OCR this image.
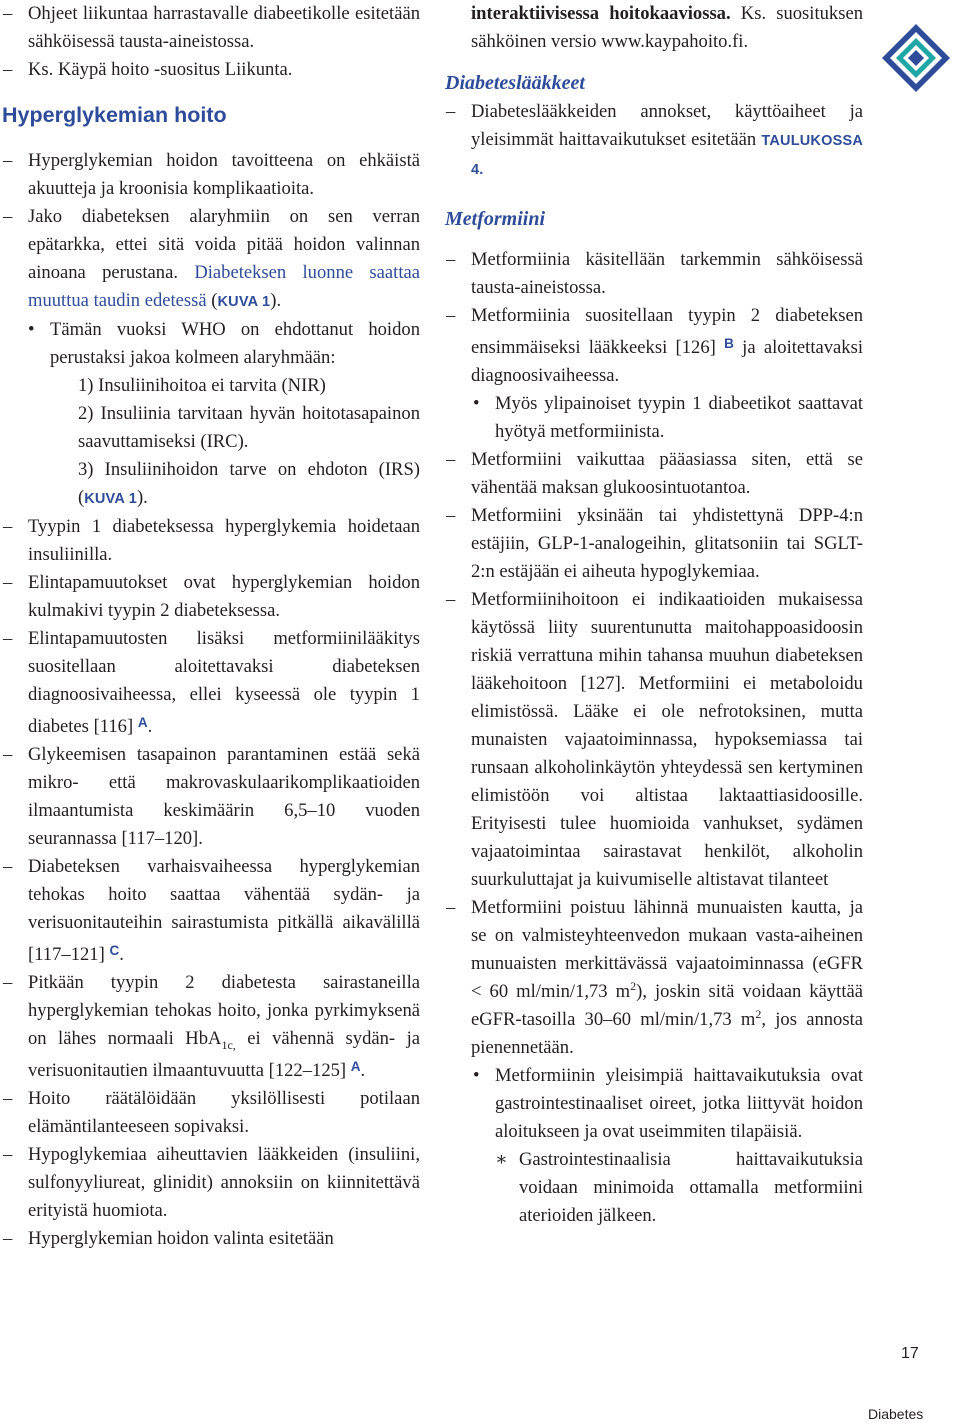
– Ohjeet liikuntaa harrastavalle diabeetikolle esitetään sähköisessä tausta-aineistossa.

– Ks. Käypä hoito -suositus Liikunta.

Hyperglykemian hoito

– Hyperglykemian hoidon tavoitteena on ehkäistä akuutteja ja kroonisia komplikaatioita.

– Jako diabeteksen alaryhmiin on sen verran epätarkka, ettei sitä voida pitää hoidon valinnan ainoana perustana. Diabeteksen luonne saattaa muuttua taudin edetessä (KUVA 1).

• Tämän vuoksi WHO on ehdottanut hoidon perustaksi jakoa kolmeen alaryhmään:

1) Insuliinihoitoa ei tarvita (NIR)

2) Insuliinia tarvitaan hyvän hoitotasapainon saavuttamiseksi (IRC).

3) Insuliinihoidon tarve on ehdoton (IRS) (KUVA 1).

– Tyypin 1 diabeteksessa hyperglykemia hoidetaan insuliinilla.

– Elintapamuutokset ovat hyperglykemian hoidon kulmakivi tyypin 2 diabeteksessa.

– Elintapamuutosten lisäksi metformiinilääkitys suositellaan aloitettavaksi diabeteksen diagnoosivaiheessa, ellei kyseessä ole tyypin 1 diabetes [116] $^A$.

– Glykeemisen tasapainon parantaminen estää sekä mikro- että makrovaskulaarikomplikaatioiden ilmaantumista keskimäärin 6,5–10 vuoden seurannassa [117–120].

– Diabeteksen varhaisvaiheessa hyperglykemian tehokas hoito saattaa vähentää sydän- ja verisuonitauteihin sairastumista pitkällä aikavälillä [117–121] $^C$.

– Pitkään tyypin 2 diabetesta sairastaneilla hyperglykemian tehokas hoito, jonka pyrkimyksenä on lähes normaali HbA$_{1c,}$ ei vähennä sydän- ja verisuonitautien ilmaantuvuutta [122–125] $^A$.

– Hoito räätälöidään yksilöllisesti potilaan elämäntilanteeseen sopivaksi.

– Hypoglykemiaa aiheuttavien lääkkeiden (insuliini, sulfonyyliureat, glinidit) annoksiin on kiinnitettävä erityistä huomiota.

– Hyperglykemian hoidon valinta esitetään

interaktiivisessa hoitokaaviossa. Ks. suosituksen sähköinen versio www.kaypahoito.fi.

Diabeteslääkkeet

– Diabeteslääkkeiden annokset, käyttöaiheet ja yleisimmät haittavaikutukset esitetään TAULUKOSSA 4.

Metformiini

– Metformiinia käsitellään tarkemmin sähköisessä tausta-aineistossa.

– Metformiinia suositellaan tyypin 2 diabeteksen ensimmäiseksi lääkkeeksi [126] $^B$ ja aloitettavaksi diagnoosivaiheessa.

• Myös ylipainoiset tyypin 1 diabeetikot saattavat hyötyä metformiinista.

– Metformiini vaikuttaa pääasiassa siten, että se vähentää maksan glukoosintuotantoa.

– Metformiini yksinään tai yhdistettynä DPP-4:n estäjiin, GLP-1-analogeihin, glitatsoniin tai SGLT-2:n estäjään ei aiheuta hypoglykemiaa.

– Metformiinihoitoon ei indikaatioiden mukaisessa käytössä liity suurentunutta maitohappoasidoosin riskiä verrattuna mihin tahansa muuhun diabeteksen lääkehoitoon [127]. Metformiini ei metaboloidu elimistössä. Lääke ei ole nefrotoksinen, mutta munaisten vajaatoiminnassa, hypoksemiassa tai runsaan alkoholinkäytön yhteydessä sen kertyminen elimistöön voi altistaa laktaattiasidoosille. Erityisesti tulee huomioida vanhukset, sydämen vajaatoimintaa sairastavat henkilöt, alkoholin suurkuluttajat ja kuivumiselle altistavat tilanteet

– Metformiini poistuu lähinnä munuaisten kautta, ja se on valmisteyhteenvedon mukaan vasta-aiheinen munuaisten merkittävässä vajaatoiminnassa (eGFR < 60 ml/min/1,73 $m^2$), joskin sitä voidaan käyttää eGFR-tasoilla 30–60 ml/min/1,73 $m^2$, jos annosta pienennetään.

• Metformiinin yleisimpiä haittavaikutuksia ovat gastrointestinaaliset oireet, jotka liittyvät hoidon aloitukseen ja ovat useimmiten tilapäisiä.

∗ Gastrointestinaalisia haittavaikutuksia voidaan minimoida ottamalla metformiini aterioiden jälkeen.

17
Diabetes
